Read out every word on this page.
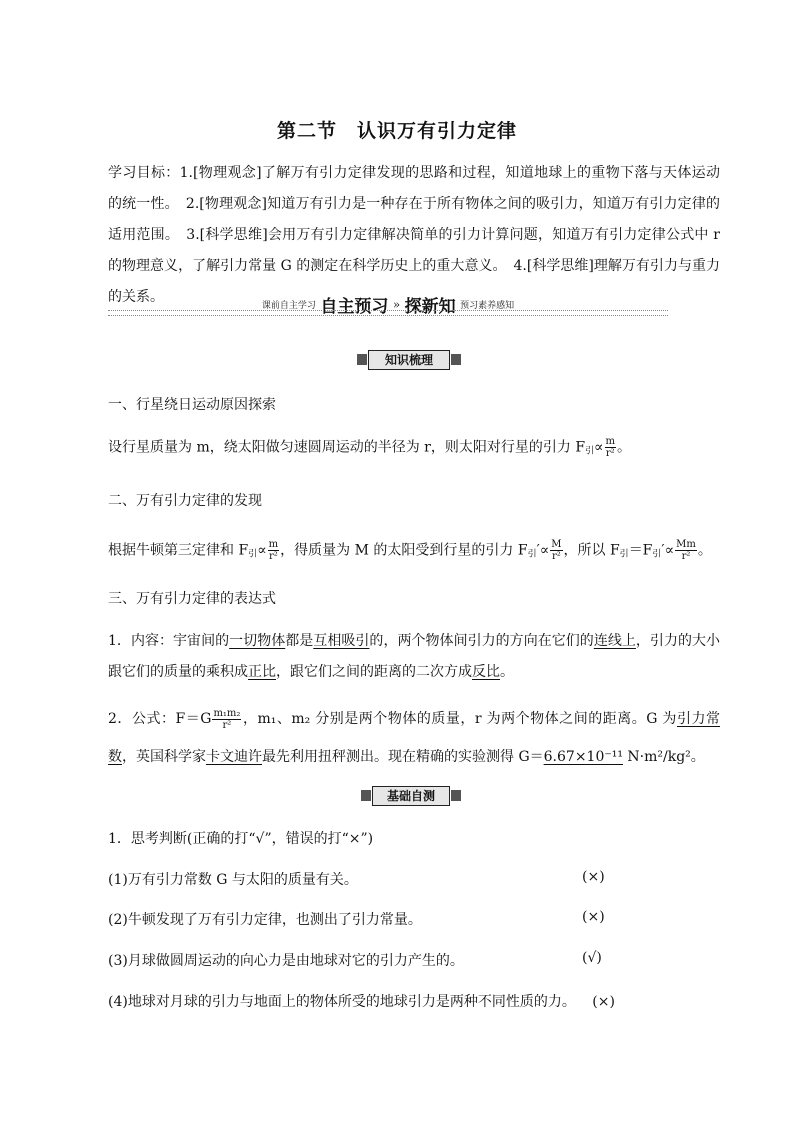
第二节　认识万有引力定律
学习目标：1.[物理观念]了解万有引力定律发现的思路和过程，知道地球上的重物下落与天体运动的统一性。　2.[物理观念]知道万有引力是一种存在于所有物体之间的吸引力，知道万有引力定律的适用范围。　3.[科学思维]会用万有引力定律解决简单的引力计算问题，知道万有引力定律公式中 r 的物理意义，了解引力常量 G 的测定在科学历史上的重大意义。　4.[科学思维]理解万有引力与重力的关系。
课前自主学习 自主预习 » 探新知 预习素养感知
知识梳理
一、行星绕日运动原因探索
设行星质量为 m，绕太阳做匀速圆周运动的半径为 r，则太阳对行星的引力 $F_引\propto \frac{m}{\text{r²}}$ 。
二、万有引力定律的发现
根据牛顿第三定律和 $F_引\propto \frac{m}{\text{r²}}$ ，得质量为 M 的太阳受到行星的引力 $F_引'\propto \frac{M}{\text{r²}}$ ，所以 $F_引=F_引'\propto \frac{Mm}{\text{r²}}$ 。
三、万有引力定律的表达式
1．内容：宇宙间的一切物体都是互相吸引的，两个物体间引力的方向在它们的连线上，引力的大小跟它们的质量的乘积成正比，跟它们之间的距离的二次方成反比。
2．公式：$F=G \frac{\text{m₁m₂}}{\text{r²}}$ ，m₁、m₂ 分别是两个物体的质量，r 为两个物体之间的距离。G 为引力常数，英国科学家卡文迪许最先利用扭秤测出。现在精确的实验测得 G＝6.67×10⁻¹¹ N·m²/kg²。
基础自测
1．思考判断(正确的打“√”，错误的打“×”)
(1)万有引力常数 G 与太阳的质量有关。	(×)
(2)牛顿发现了万有引力定律，也测出了引力常量。	(×)
(3)月球做圆周运动的向心力是由地球对它的引力产生的。	(√)
(4)地球对月球的引力与地面上的物体所受的地球引力是两种不同性质的力。 (×)
